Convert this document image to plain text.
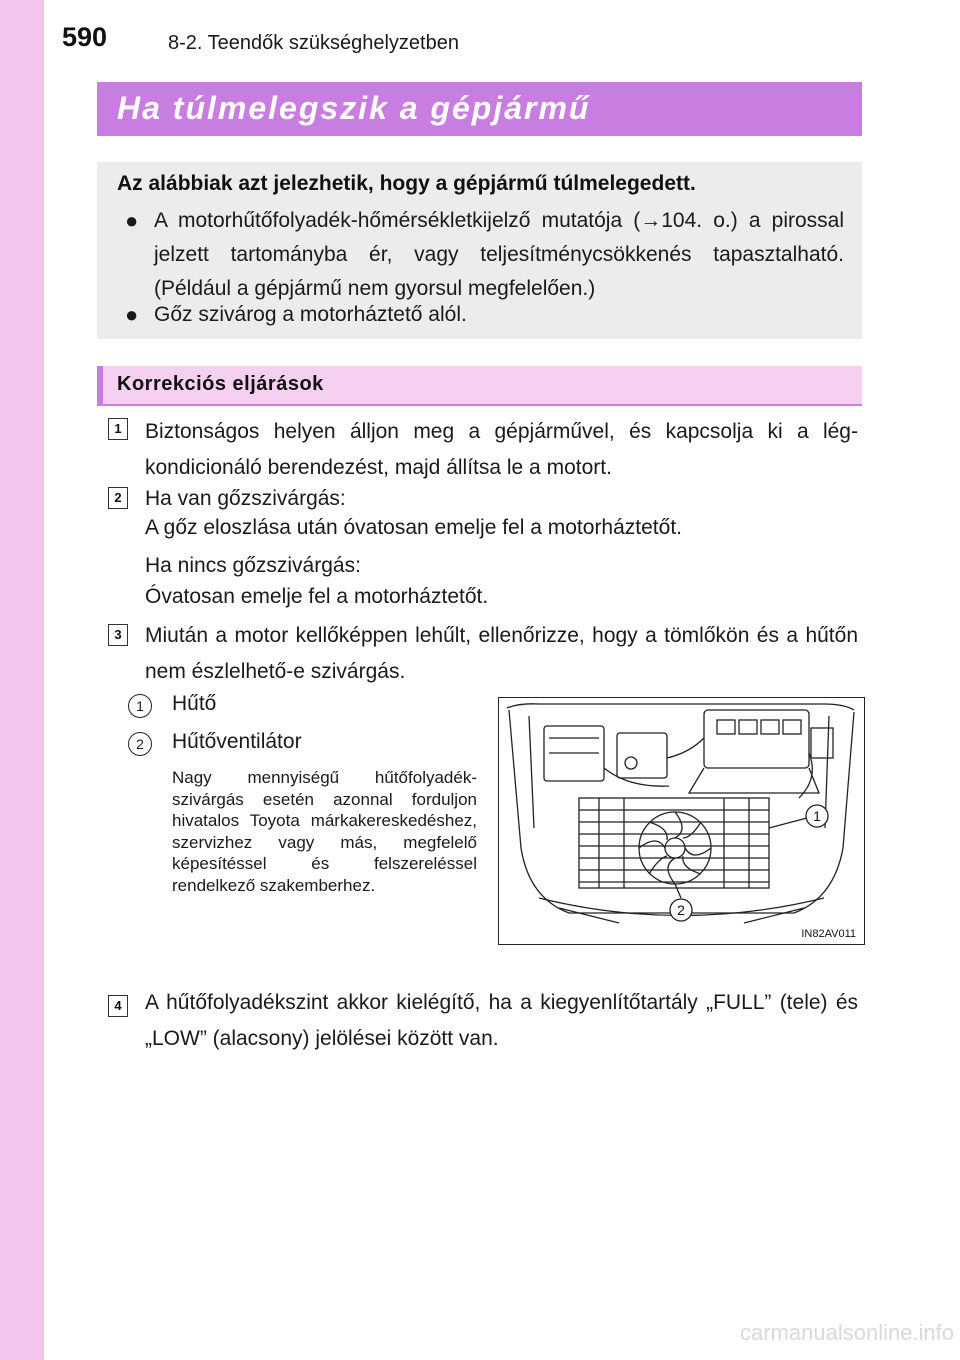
590	8-2. Teendők szükséghelyzetben
Ha túlmelegszik a gépjármű
Az alábbiak azt jelezhetik, hogy a gépjármű túlmelegedett.
● A motorhűtőfolyadék-hőmérsékletkijelző mutatója (→104. o.) a pirossal jelzett tartományba ér, vagy teljesítménycsökkenés tapasztalható. (Például a gépjármű nem gyorsul megfelelően.)
● Gőz szivárog a motorháztető alól.
Korrekciós eljárások
1	Biztonságos helyen álljon meg a gépjárművel, és kapcsolja ki a légkondicionáló berendezést, majd állítsa le a motort.
2	Ha van gőzszivárgás:
A gőz eloszlása után óvatosan emelje fel a motorháztetőt.
Ha nincs gőzszivárgás:
Óvatosan emelje fel a motorháztetőt.
3	Miután a motor kellőképpen lehűlt, ellenőrizze, hogy a tömlőkön és a hűtőn nem észlelhető-e szivárgás.
1	Hűtő
2	Hűtőventilátor
Nagy mennyiségű hűtőfolyadékszivárgás esetén azonnal forduljon hivatalos Toyota márkakereskedéshez, szervizhez vagy más, megfelelő képesítéssel és felszereléssel rendelkező szakemberhez.
1
2
IN82AV011
4	A hűtőfolyadékszint akkor kielégítő, ha a kiegyenlítőtartály „FULL” (tele) és „LOW” (alacsony) jelölései között van.
carmanualsonline.info
